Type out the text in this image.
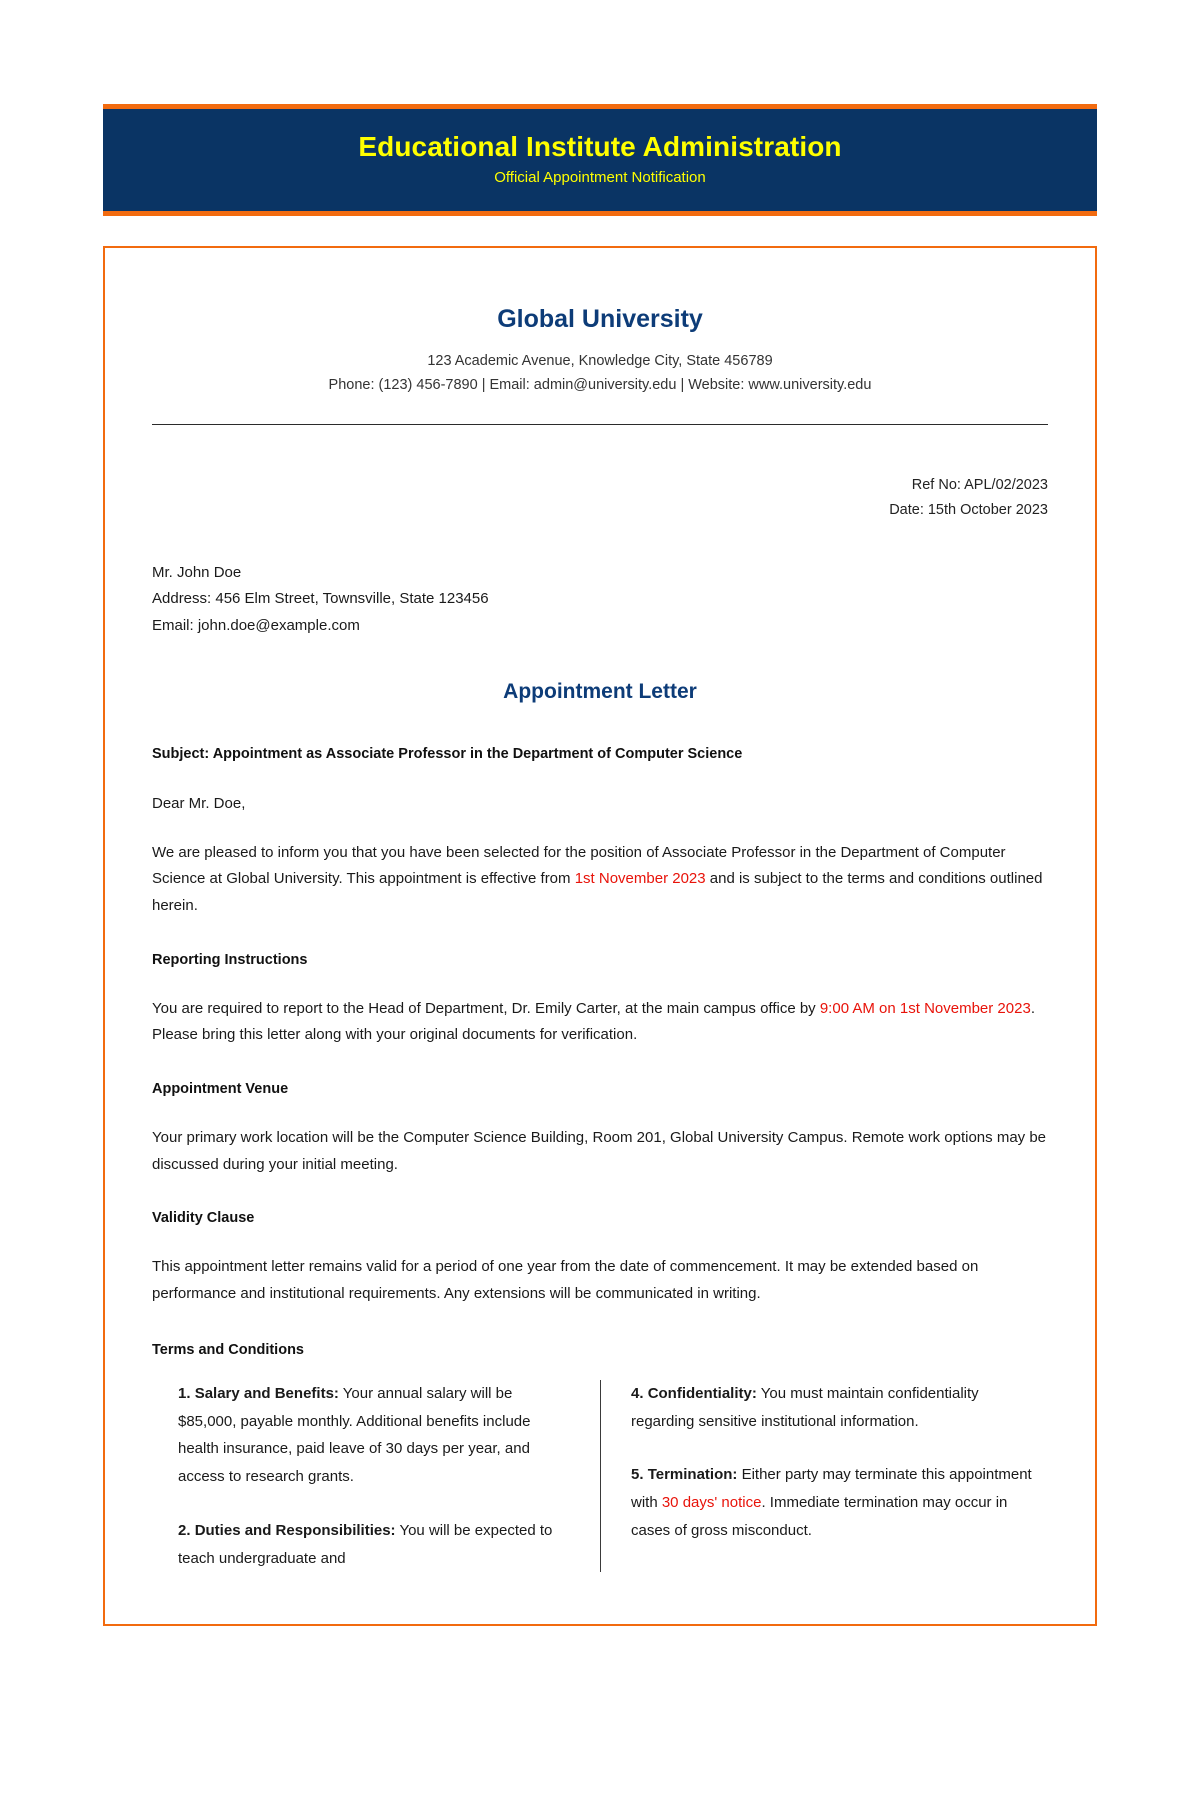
Educational Institute Administration
Official Appointment Notification
Global University
123 Academic Avenue, Knowledge City, State 456789
Phone: (123) 456-7890 | Email: admin@university.edu | Website: www.university.edu
Ref No: APL/02/2023
Date: 15th October 2023
Mr. John Doe
Address: 456 Elm Street, Townsville, State 123456
Email: john.doe@example.com
Appointment Letter
Subject: Appointment as Associate Professor in the Department of Computer Science
Dear Mr. Doe,

We are pleased to inform you that you have been selected for the position of Associate Professor in the Department of Computer Science at Global University. This appointment is effective from 1st November 2023 and is subject to the terms and conditions outlined herein.

Reporting Instructions

You are required to report to the Head of Department, Dr. Emily Carter, at the main campus office by 9:00 AM on 1st November 2023. Please bring this letter along with your original documents for verification.

Appointment Venue

Your primary work location will be the Computer Science Building, Room 201, Global University Campus. Remote work options may be discussed during your initial meeting.

Validity Clause

This appointment letter remains valid for a period of one year from the date of commencement. It may be extended based on performance and institutional requirements. Any extensions will be communicated in writing.

Terms and Conditions

1. Salary and Benefits: Your annual salary will be $85,000, payable monthly. Additional benefits include health insurance, paid leave of 30 days per year, and access to research grants.

2. Duties and Responsibilities: You will be expected to teach undergraduate and

4. Confidentiality: You must maintain confidentiality regarding sensitive institutional information.

5. Termination: Either party may terminate this appointment with 30 days' notice. Immediate termination may occur in cases of gross misconduct.
